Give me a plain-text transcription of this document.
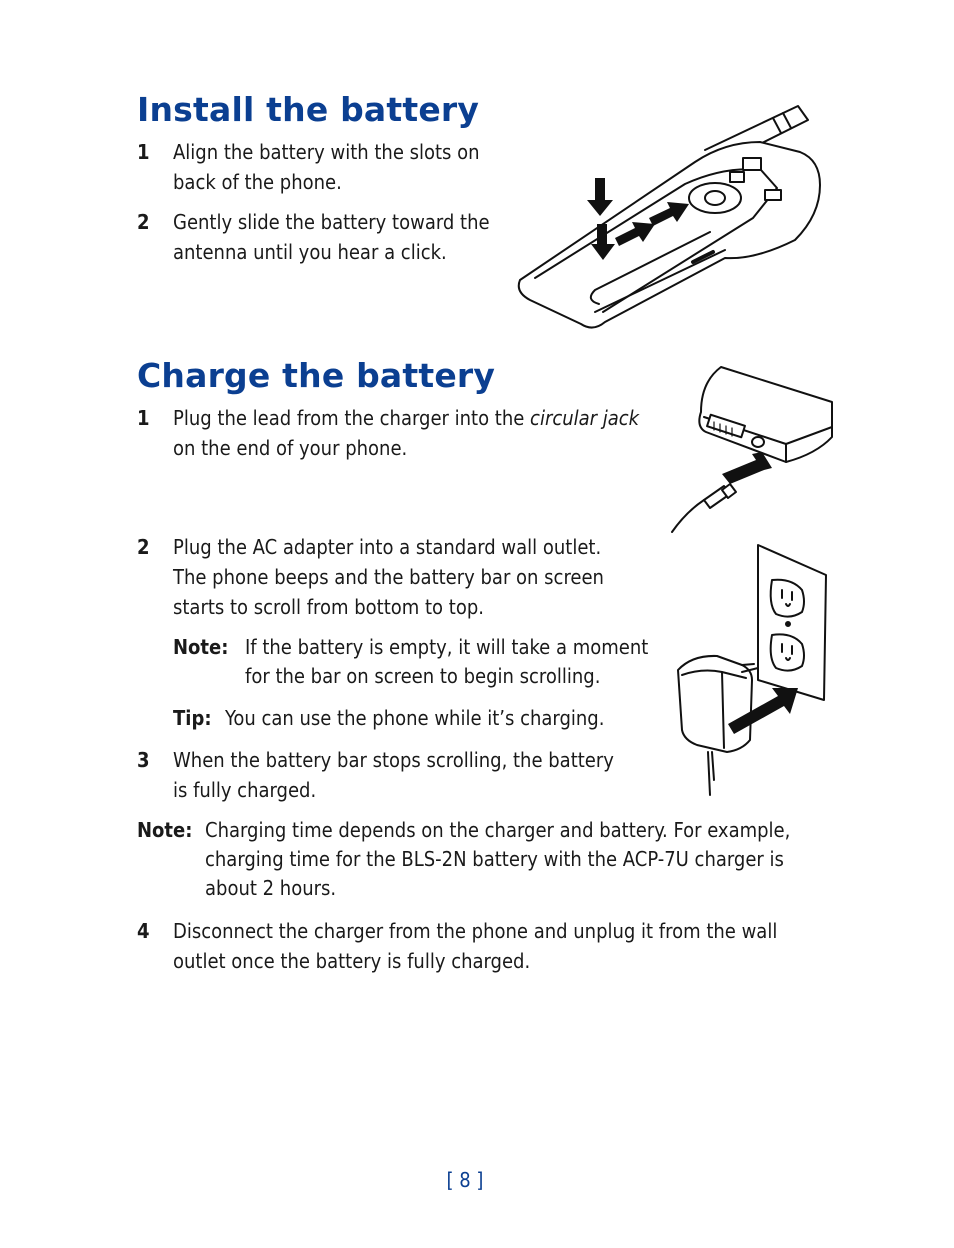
Install the battery
1	Align the battery with the slots on
back of the phone.
2	Gently slide the battery toward the
antenna until you hear a click.
Charge the battery
1	Plug the lead from the charger into the circular jack
on the end of your phone.
2	Plug the AC adapter into a standard wall outlet.
The phone beeps and the battery bar on screen
starts to scroll from bottom to top.
Note: If the battery is empty, it will take a moment
for the bar on screen to begin scrolling.
Tip: You can use the phone while it’s charging.
3	When the battery bar stops scrolling, the battery
is fully charged.
Note: Charging time depends on the charger and battery. For example,
charging time for the BLS-2N battery with the ACP-7U charger is
about 2 hours.
4	Disconnect the charger from the phone and unplug it from the wall
outlet once the battery is fully charged.
[ 8 ]
